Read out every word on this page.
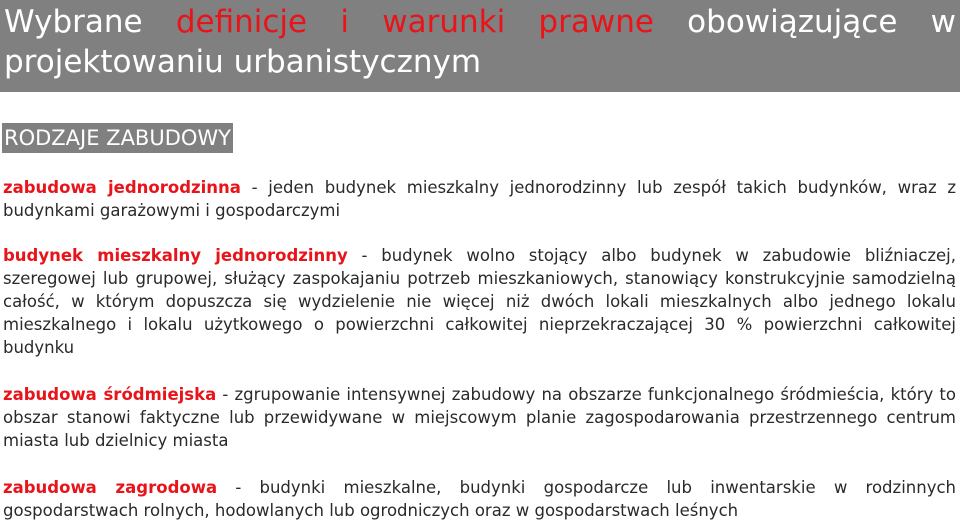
Wybrane definicje i warunki prawne obowiązujące w projektowaniu urbanistycznym
RODZAJE ZABUDOWY

zabudowa jednorodzinna - jeden budynek mieszkalny jednorodzinny lub zespół takich budynków, wraz z budynkami garażowymi i gospodarczymi

budynek mieszkalny jednorodzinny - budynek wolno stojący albo budynek w zabudowie bliźniaczej, szeregowej lub grupowej, służący zaspokajaniu potrzeb mieszkaniowych, stanowiący konstrukcyjnie samodzielną całość, w którym dopuszcza się wydzielenie nie więcej niż dwóch lokali mieszkalnych albo jednego lokalu mieszkalnego i lokalu użytkowego o powierzchni całkowitej nieprzekraczającej 30 % powierzchni całkowitej budynku

zabudowa śródmiejska - zgrupowanie intensywnej zabudowy na obszarze funkcjonalnego śródmieścia, który to obszar stanowi faktyczne lub przewidywane w miejscowym planie zagospodarowania przestrzennego centrum miasta lub dzielnicy miasta

zabudowa zagrodowa - budynki mieszkalne, budynki gospodarcze lub inwentarskie w rodzinnych gospodarstwach rolnych, hodowlanych lub ogrodniczych oraz w gospodarstwach leśnych
